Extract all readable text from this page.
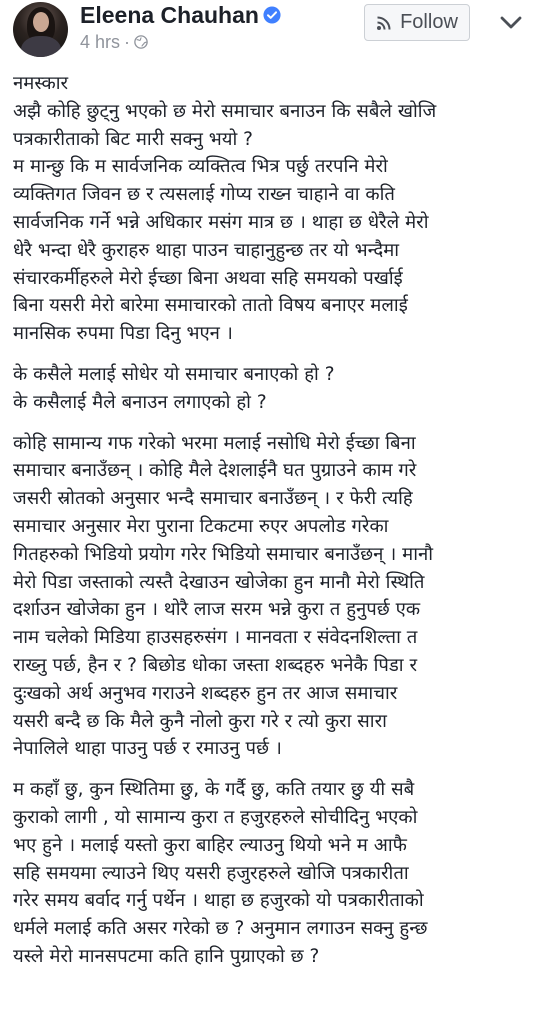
Eleena Chauhan
4 hrs ·
Follow

नमस्कार
अझै कोहि छुट्नु भएको छ मेरो समाचार बनाउन कि सबैले खोजि
पत्रकारीताको बिट मारी सक्नु भयो ?
म मान्छु कि म सार्वजनिक व्यक्तित्व भित्र पर्छु तरपनि मेरो
व्यक्तिगत जिवन छ र त्यसलाई गोप्य राख्न चाहाने वा कति
सार्वजनिक गर्ने भन्ने अधिकार मसंग मात्र छ । थाहा छ धेरैले मेरो
धेरै भन्दा धेरै कुराहरु थाहा पाउन चाहानुहुन्छ तर यो भन्दैमा
संचारकर्मीहरुले मेरो ईच्छा बिना अथवा सहि समयको पर्खाई
बिना यसरी मेरो बारेमा समाचारको तातो विषय बनाएर मलाई
मानसिक रुपमा पिडा दिनु भएन ।

के कसैले मलाई सोधेर यो समाचार बनाएको हो ?
के कसैलाई मैले बनाउन लगाएको हो ?

कोहि सामान्य गफ गरेको भरमा मलाई नसोधि मेरो ईच्छा बिना
समाचार बनाउँछन् । कोहि मैले देशलाईनै घत पुग्राउने काम गरे
जसरी स्रोतको अनुसार भन्दै समाचार बनाउँछन् । र फेरी त्यहि
समाचार अनुसार मेरा पुराना टिकटमा रुएर अपलोड गरेका
गितहरुको भिडियो प्रयोग गरेर भिडियो समाचार बनाउँछन् । मानौ
मेरो पिडा जस्ताको त्यस्तै देखाउन खोजेका हुन मानौ मेरो स्थिति
दर्शाउन खोजेका हुन । थोरै लाज सरम भन्ने कुरा त हुनुपर्छ एक
नाम चलेको मिडिया हाउसहरुसंग । मानवता र संवेदनशिल्ता त
राख्नु पर्छ, हैन र ? बिछोड धोका जस्ता शब्दहरु भनेकै पिडा र
दुःखको अर्थ अनुभव गराउने शब्दहरु हुन तर आज समाचार
यसरी बन्दै छ कि मैले कुनै नोलो कुरा गरे र त्यो कुरा सारा
नेपालिले थाहा पाउनु पर्छ र रमाउनु पर्छ ।

म कहाँ छु, कुन स्थितिमा छु, के गर्दै छु, कति तयार छु यी सबै
कुराको लागी , यो सामान्य कुरा त हजुरहरुले सोचीदिनु भएको
भए हुने । मलाई यस्तो कुरा बाहिर ल्याउनु थियो भने म आफै
सहि समयमा ल्याउने थिए यसरी हजुरहरुले खोजि पत्रकारीता
गरेर समय बर्वाद गर्नु पर्थेन । थाहा छ हजुरको यो पत्रकारीताको
धर्मले मलाई कति असर गरेको छ ? अनुमान लगाउन सक्नु हुन्छ
यस्ले मेरो मानसपटमा कति हानि पुग्राएको छ ?
